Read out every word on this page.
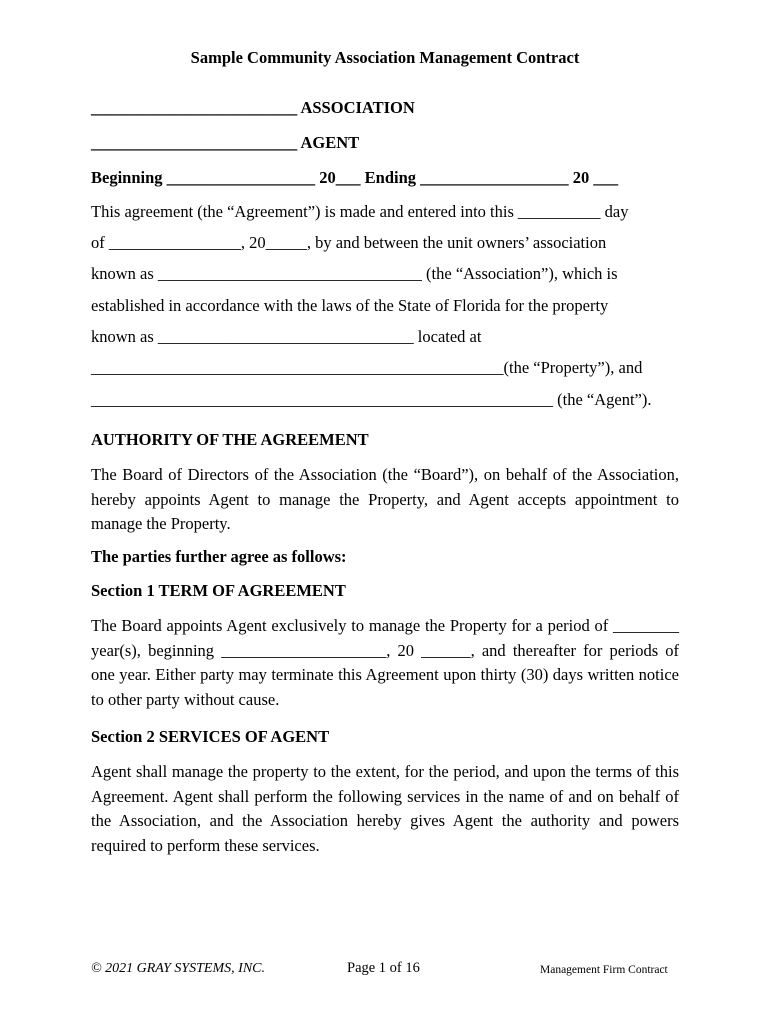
Sample Community Association Management Contract

_________________________ ASSOCIATION

_________________________ AGENT

Beginning __________________ 20___ Ending __________________ 20 ___

This agreement (the “Agreement”) is made and entered into this __________ day

of ________________, 20_____, by and between the unit owners’ association

known as ________________________________ (the “Association”), which is

established in accordance with the laws of the State of Florida for the property

known as _______________________________ located at

__________________________________________________(the “Property”), and

________________________________________________________ (the “Agent”).

AUTHORITY OF THE AGREEMENT

The Board of Directors of the Association (the “Board”), on behalf of the Association, hereby appoints Agent to manage the Property, and Agent accepts appointment to manage the Property.

The parties further agree as follows:

Section 1 TERM OF AGREEMENT

The Board appoints Agent exclusively to manage the Property for a period of ________ year(s), beginning ____________________, 20 ______, and thereafter for periods of one year. Either party may terminate this Agreement upon thirty (30) days written notice to other party without cause.

Section 2 SERVICES OF AGENT

Agent shall manage the property to the extent, for the period, and upon the terms of this Agreement. Agent shall perform the following services in the name of and on behalf of the Association, and the Association hereby gives Agent the authority and powers required to perform these services.

© 2021 GRAY SYSTEMS, INC.	Page 1 of 16	Management Firm Contract
